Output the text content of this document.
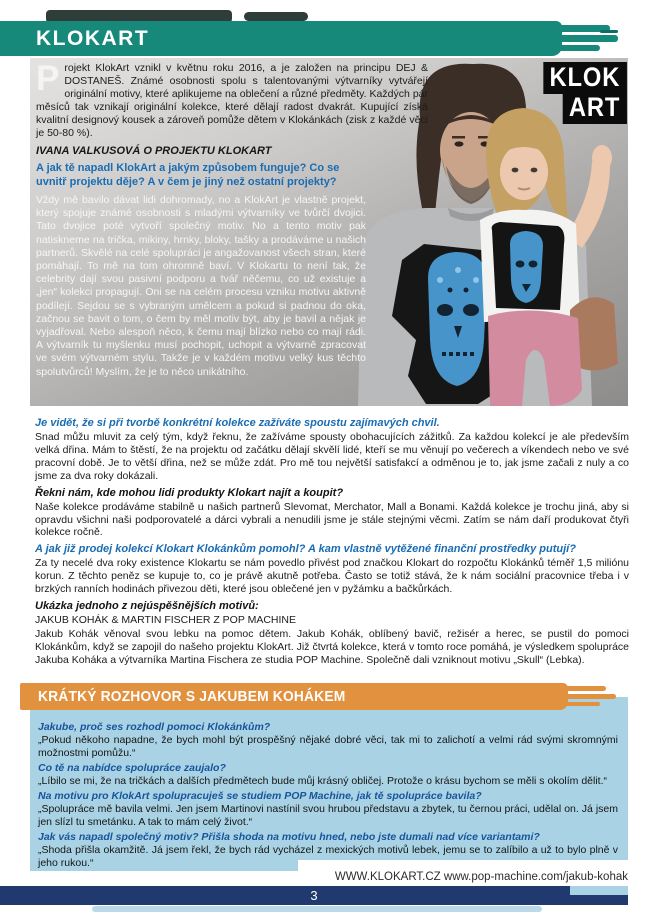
KLOKART
KLOK
ART
Projekt KlokArt vznikl v květnu roku 2016, a je založen na principu DEJ & DOSTANEŠ. Známé osobnosti spolu s talentovanými výtvarníky vytvářejí originální motivy, které aplikujeme na oblečení a různé předměty. Každých pár měsíců tak vznikají originální kolekce, které dělají radost dvakrát. Kupující získá kvalitní designový kousek a zároveň pomůže dětem v Klokánkách (zisk z každé věci je 50-80 %).
IVANA VALKUSOVÁ O PROJEKTU KLOKART
A jak tě napadl KlokArt a jakým způsobem funguje? Co se uvnitř projektu děje? A v čem je jiný než ostatní projekty?
Vždy mě bavilo dávat lidi dohromady, no a KlokArt je vlastně projekt, který spojuje známé osobnosti s mladými výtvarníky ve tvůrčí dvojici. Tato dvojice poté vytvoří společný motiv. No a tento motiv pak natiskneme na trička, mikiny, hrnky, bloky, tašky a prodáváme u našich partnerů. Skvělé na celé spolupráci je angažovanost všech stran, které pomáhají. To mě na tom ohromně baví. V Klokartu to není tak, že celebrity dají svou pasivní podporu a tvář něčemu, co už existuje a „jen“ kolekci propagují. Oni se na celém procesu vzniku motivu aktivně podílejí. Sejdou se s vybraným umělcem a pokud si padnou do oka, začnou se bavit o tom, o čem by měl motiv být, aby je bavil a nějak je vyjadřoval. Nebo alespoň něco, k čemu mají blízko nebo co mají rádi. A výtvarník tu myšlenku musí pochopit, uchopit a výtvarně zpracovat ve svém výtvarném stylu. Takže je v každém motivu velký kus těchto spolutvůrců! Myslím, že je to něco unikátního.
Je vidět, že si při tvorbě konkrétní kolekce zažíváte spoustu zajímavých chvil.
Snad můžu mluvit za celý tým, když řeknu, že zažíváme spousty obohacujících zážitků. Za každou kolekcí je ale především velká dřina. Mám to štěstí, že na projektu od začátku dělají skvělí lidé, kteří se mu věnují po večerech a víkendech nebo ve své pracovní době. Je to větší dřina, než se může zdát. Pro mě tou největší satisfakcí a odměnou je to, jak jsme začali z nuly a co jsme za dva roky dokázali.
Řekni nám, kde mohou lidi produkty Klokart najít a koupit?
Naše kolekce prodáváme stabilně u našich partnerů Slevomat, Merchator, Mall a Bonami. Každá kolekce je trochu jiná, aby si opravdu všichni naši podporovatelé a dárci vybrali a nenudili jsme je stále stejnými věcmi. Zatím se nám daří produkovat čtyři kolekce ročně.
A jak již prodej kolekcí Klokart Klokánkům pomohl? A kam vlastně vytěžené finanční prostředky putují?
Za ty necelé dva roky existence Klokartu se nám povedlo přivést pod značkou Klokart do rozpočtu Klokánků téměř 1,5 miliónu korun. Z těchto peněz se kupuje to, co je právě akutně potřeba. Často se totiž stává, že k nám sociální pracovnice třeba i v brzkých ranních hodinách přivezou děti, které jsou oblečené jen v pyžámku a bačkůrkách.
Ukázka jednoho z nejúspěšnějších motivů:
JAKUB KOHÁK & MARTIN FISCHER Z POP MACHINE
Jakub Kohák věnoval svou lebku na pomoc dětem. Jakub Kohák, oblíbený bavič, režisér a herec, se pustil do pomoci Klokánkům, když se zapojil do našeho projektu KlokArt. Již čtvrtá kolekce, která v tomto roce pomáhá, je výsledkem spolupráce Jakuba Koháka a výtvarníka Martina Fischera ze studia POP Machine. Společně dali vzniknout motivu „Skull“ (Lebka).
Jakube, proč ses rozhodl pomoci Klokánkům?
„Pokud někoho napadne, že bych mohl být prospěšný nějaké dobré věci, tak mi to zalichotí a velmi rád svými skromnými možnostmi pomůžu.“
Co tě na nabídce spolupráce zaujalo?
„Líbilo se mi, že na tričkách a dalších předmětech bude můj krásný obličej. Protože o krásu bychom se měli s okolím dělit.“
Na motivu pro KlokArt spolupracuješ se studiem POP Machine, jak tě spolupráce bavila?
„Spolupráce mě bavila velmi. Jen jsem Martinovi nastínil svou hrubou představu a zbytek, tu černou práci, udělal on. Já jsem jen slízl tu smetánku. A tak to mám celý život.“
Jak vás napadl společný motiv? Přišla shoda na motivu hned, nebo jste dumali nad více variantami?
„Shoda přišla okamžitě. Já jsem řekl, že bych rád vycházel z mexických motivů lebek, jemu se to zalíbilo a už to bylo plně v jeho rukou.“
KRÁTKÝ ROZHOVOR S JAKUBEM KOHÁKEM
WWW.KLOKART.CZ www.pop-machine.com/jakub-kohak
3
